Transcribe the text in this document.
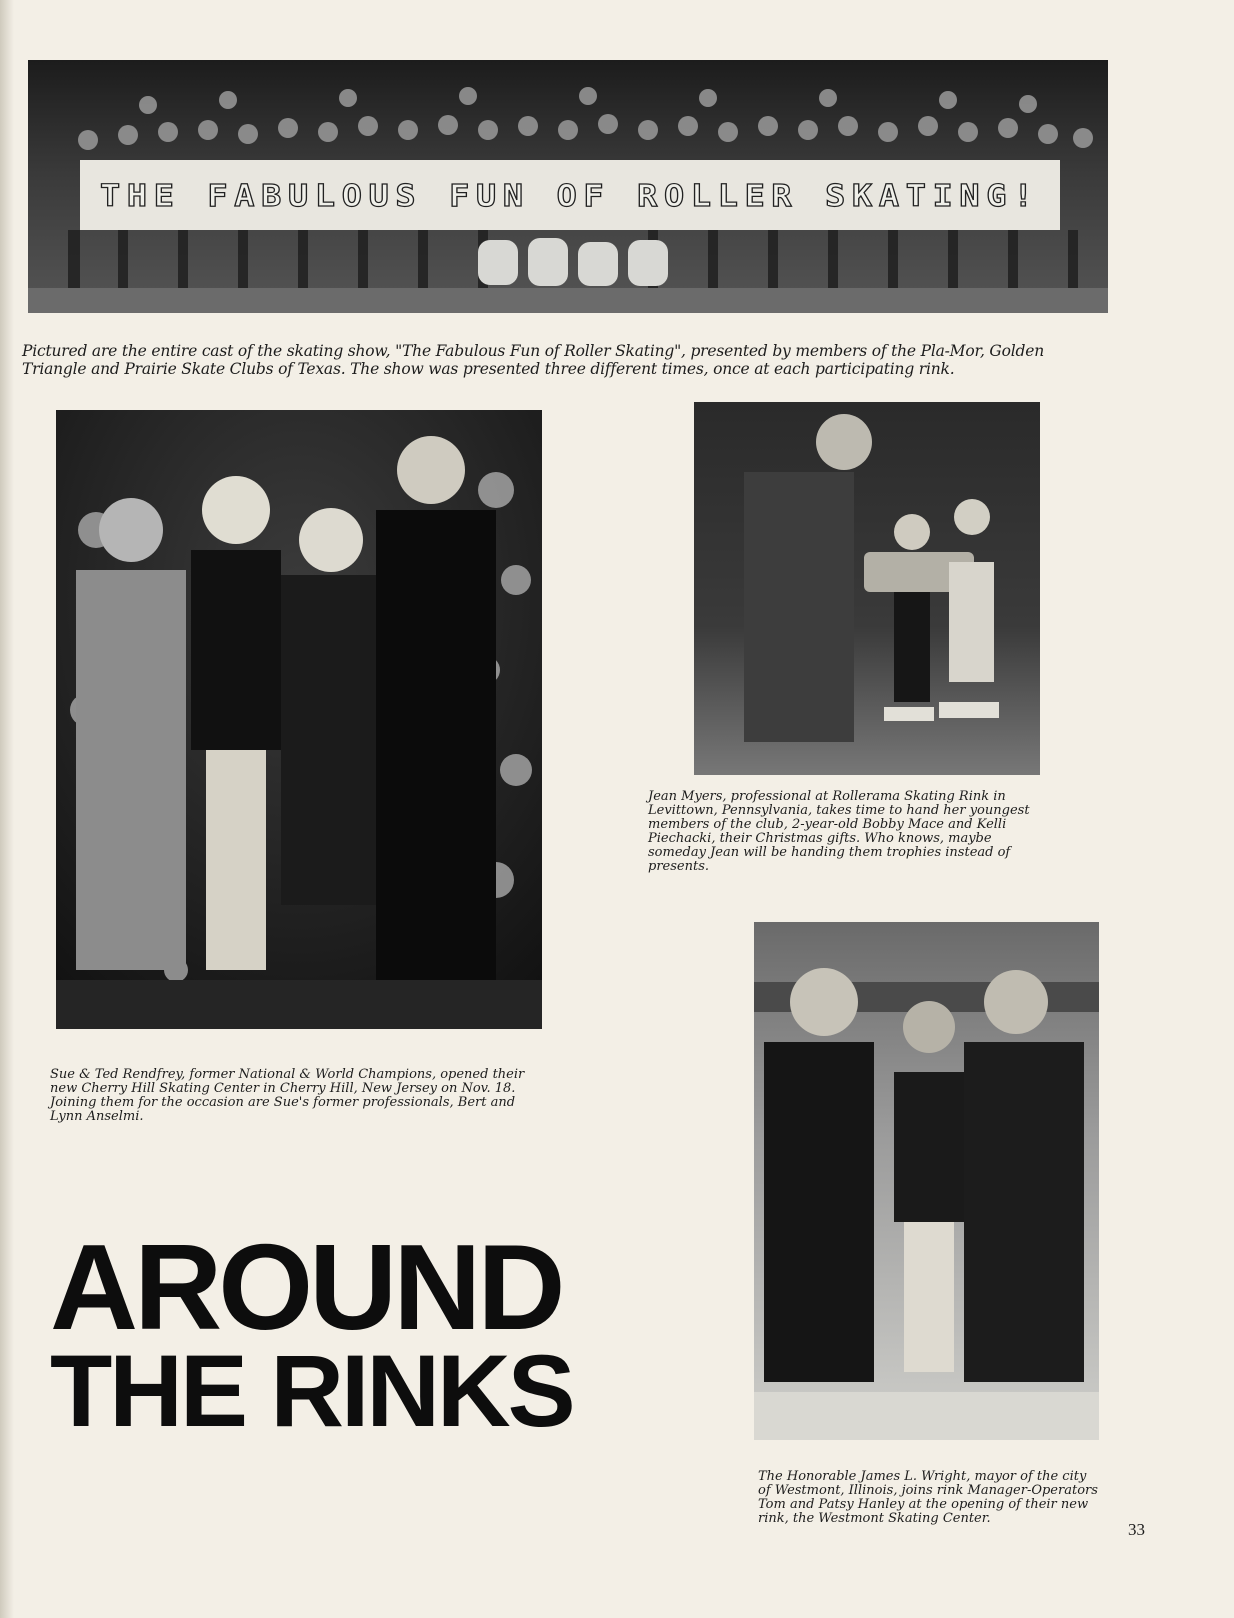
THE FABULOUS FUN OF ROLLER SKATING!
Pictured are the entire cast of the skating show, "The Fabulous Fun of Roller Skating", presented by members of the Pla-Mor, Golden Triangle and Prairie Skate Clubs of Texas. The show was presented three different times, once at each participating rink.
Sue & Ted Rendfrey, former National & World Champions, opened their new Cherry Hill Skating Center in Cherry Hill, New Jersey on Nov. 18. Joining them for the occasion are Sue's former professionals, Bert and Lynn Anselmi.
Jean Myers, professional at Rollerama Skating Rink in Levittown, Pennsylvania, takes time to hand her youngest members of the club, 2-year-old Bobby Mace and Kelli Piechacki, their Christmas gifts. Who knows, maybe someday Jean will be handing them trophies instead of presents.
The Honorable James L. Wright, mayor of the city of Westmont, Illinois, joins rink Manager-Operators Tom and Patsy Hanley at the opening of their new rink, the Westmont Skating Center.
AROUND
THE RINKS
33
